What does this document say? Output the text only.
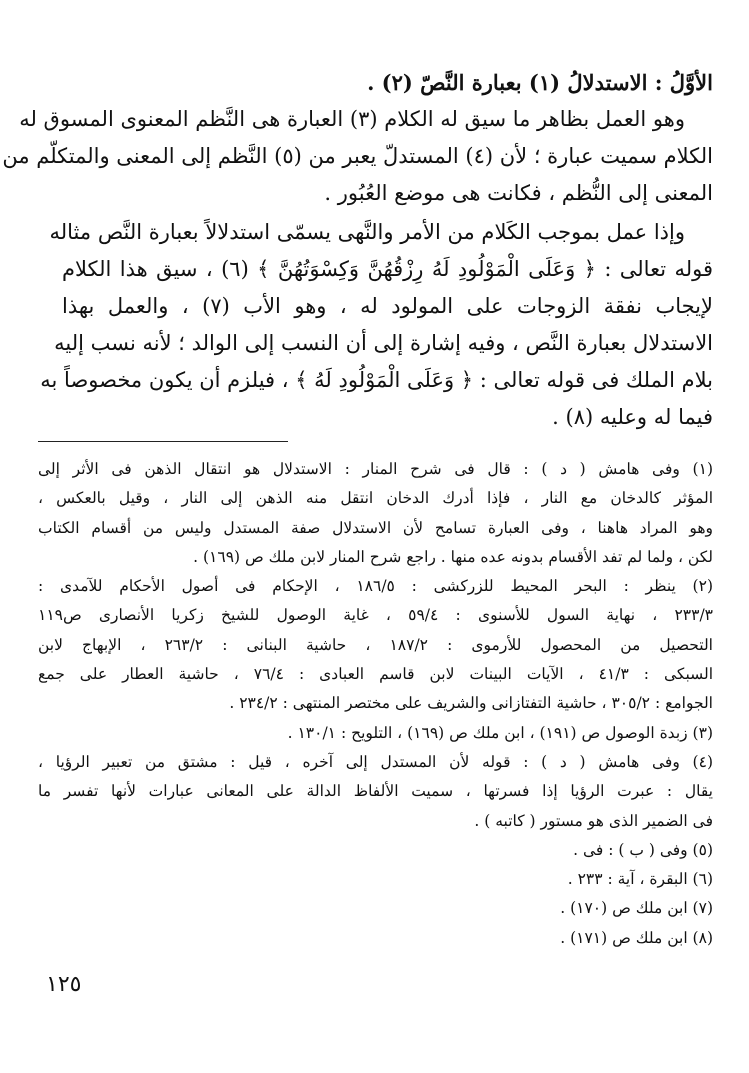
الأوَّلُ : الاستدلالُ (١) بعبارة النَّصّ (٢) .
وهو العمل بظاهر ما سيق له الكلام (٣) العبارة هى النَّظم المعنوى المسوق له
الكلام سميت عبارة ؛ لأن (٤) المستدلّ يعبر من (٥) النَّظم إلى المعنى والمتكلّم من
المعنى إلى النُّظم ، فكانت هى موضع العُبُور .
وإذا عمل بموجب الكَلام من الأمر والنَّهى يسمّى استدلالاً بعبارة النَّص مثاله
قوله تعالى : ﴿ وَعَلَى الْمَوْلُودِ لَهُ رِزْقُهُنَّ وَكِسْوَتُهُنَّ ﴾ (٦) ، سيق هذا الكلام
لإيجاب نفقة الزوجات على المولود له ، وهو الأب (٧) ، والعمل بهذا
الاستدلال بعبارة النَّص ، وفيه إشارة إلى أن النسب إلى الوالد ؛ لأنه نسب إليه
بلام الملك فى قوله تعالى : ﴿ وَعَلَى الْمَوْلُودِ لَهُ ﴾ ، فيلزم أن يكون مخصوصاً به
فيما له وعليه (٨) .
(١) وفى هامش ( د ) : قال فى شرح المنار : الاستدلال هو انتقال الذهن فى الأثر إلى
المؤثر كالدخان مع النار ، فإذا أدرك الدخان انتقل منه الذهن إلى النار ، وقيل بالعكس ،
وهو المراد هاهنا ، وفى العبارة تسامح لأن الاستدلال صفة المستدل وليس من أقسام الكتاب
لكن ، ولما لم تفد الأقسام بدونه عده منها . راجع شرح المنار لابن ملك ص (١٦٩) .
(٢) ينظر : البحر المحيط للزركشى : ١٨٦/٥ ، الإحكام فى أصول الأحكام للآمدى :
٢٣٣/٣ ، نهاية السول للأسنوى : ٥٩/٤ ، غاية الوصول للشيخ زكريا الأنصارى ص١١٩
التحصيل من المحصول للأرموى : ١٨٧/٢ ، حاشية البنانى : ٢٦٣/٢ ، الإبهاج لابن
السبكى : ٤١/٣ ، الآيات البينات لابن قاسم العبادى : ٧٦/٤ ، حاشية العطار على جمع
الجوامع : ٣٠٥/٢ ، حاشية التفتازانى والشريف على مختصر المنتهى : ٢٣٤/٢ .
(٣) زبدة الوصول ص (١٩١) ، ابن ملك ص (١٦٩) ، التلويح : ١٣٠/١ .
(٤) وفى هامش ( د ) : قوله لأن المستدل إلى آخره ، قيل : مشتق من تعبير الرؤيا ،
يقال : عبرت الرؤيا إذا فسرتها ، سميت الألفاظ الدالة على المعانى عبارات لأنها تفسر ما
فى الضمير الذى هو مستور ( كاتبه ) .
(٥) وفى ( ب ) : فى .
(٦) البقرة ، آية : ٢٣٣ .
(٧) ابن ملك ص (١٧٠) .
(٨) ابن ملك ص (١٧١) .
١٢٥
